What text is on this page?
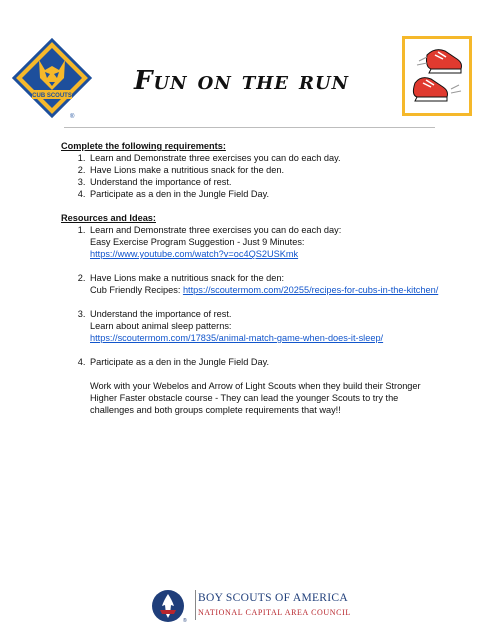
CUB SCOUTS
®
Fun on the run

Complete the following requirements:

1. Learn and Demonstrate three exercises you can do each day.
2. Have Lions make a nutritious snack for the den.
3. Understand the importance of rest.
4. Participate as a den in the Jungle Field Day.

Resources and Ideas:

1. Learn and Demonstrate three exercises you can do each day:
Easy Exercise Program Suggestion - Just 9 Minutes:
https://www.youtube.com/watch?v=oc4QS2USKmk
2. Have Lions make a nutritious snack for the den:
Cub Friendly Recipes: https://scoutermom.com/20255/recipes-for-cubs-in-the-kitchen/
3. Understand the importance of rest.
Learn about animal sleep patterns:
https://scoutermom.com/17835/animal-match-game-when-does-it-sleep/
4. Participate as a den in the Jungle Field Day.
Work with your Webelos and Arrow of Light Scouts when they build their Stronger Higher Faster obstacle course - They can lead the younger Scouts to try the challenges and both groups complete requirements that way!!
®
BOY SCOUTS OF AMERICA
NATIONAL CAPITAL AREA COUNCIL
